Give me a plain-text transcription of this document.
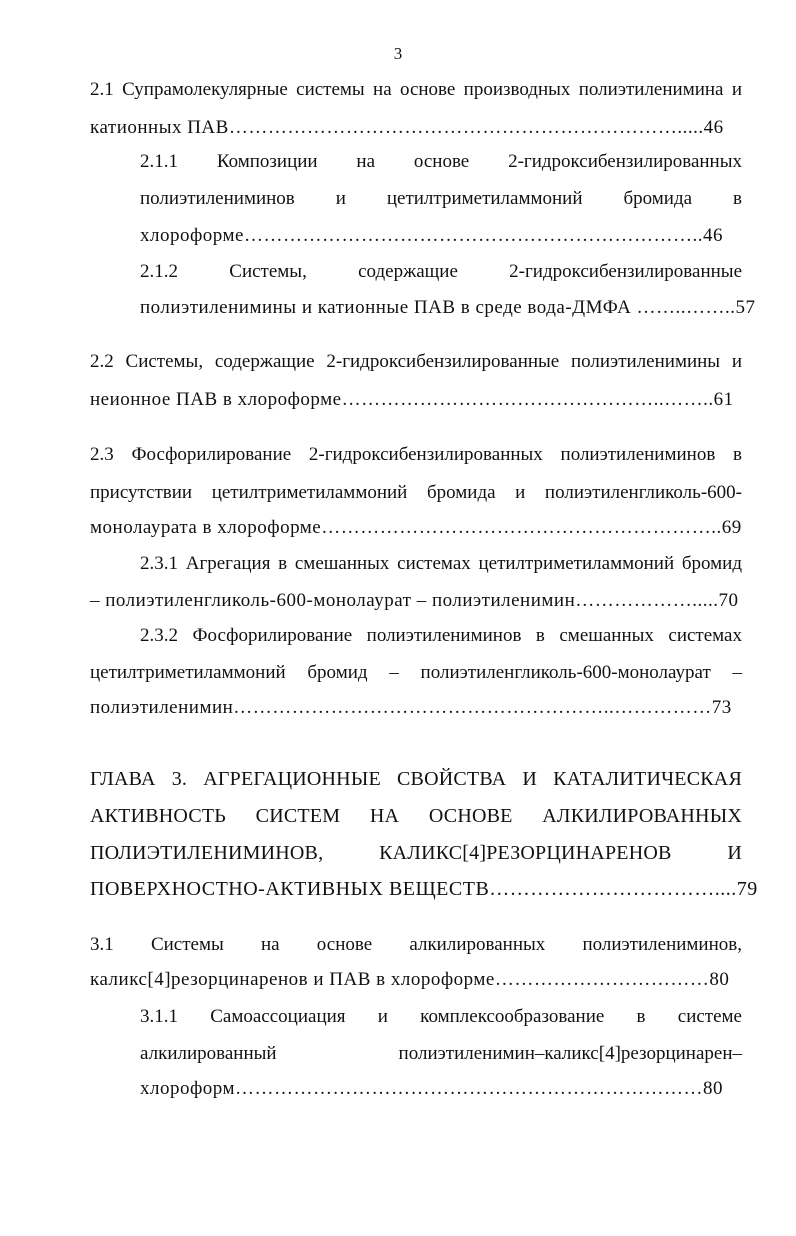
3
2.1 Супрамолекулярные системы на основе производных полиэтиленимина и
катионных ПАВ…………………………………………………………….....46
2.1.1 Композиции на основе 2-гидроксибензилированных
полиэтилениминов и цетилтриметиламмоний бромида в
хлороформе……………………………………………………………..46
2.1.2 Системы, содержащие 2-гидроксибензилированные
полиэтиленимины и катионные ПАВ в среде вода-ДМФА ……..……..57
2.2 Системы, содержащие 2-гидроксибензилированные полиэтиленимины и
неионное ПАВ в хлороформе…………………………………………..……..61
2.3 Фосфорилирование 2-гидроксибензилированных полиэтилениминов в
присутствии цетилтриметиламмоний бромида и полиэтиленгликоль-600-
монолаурата в хлороформе……………………………………………………..69
2.3.1 Агрегация в смешанных системах цетилтриметиламмоний бромид
– полиэтиленгликоль-600-монолаурат – полиэтиленимин……………….....70
2.3.2 Фосфорилирование полиэтилениминов в смешанных системах
цетилтриметиламмоний бромид – полиэтиленгликоль-600-монолаурат –
полиэтиленимин…………………………………………………..……………73
ГЛАВА 3. АГРЕГАЦИОННЫЕ СВОЙСТВА И КАТАЛИТИЧЕСКАЯ
АКТИВНОСТЬ СИСТЕМ НА ОСНОВЕ АЛКИЛИРОВАННЫХ
ПОЛИЭТИЛЕНИМИНОВ, КАЛИКС[4]РЕЗОРЦИНАРЕНОВ И
ПОВЕРХНОСТНО-АКТИВНЫХ ВЕЩЕСТВ……………………………....79
3.1 Системы на основе алкилированных полиэтилениминов,
каликс[4]резорцинаренов и ПАВ в хлороформе……………………………80
3.1.1 Самоассоциация и комплексообразование в системе
алкилированный полиэтиленимин–каликс[4]резорцинарен–
хлороформ………………………………………………………………80
